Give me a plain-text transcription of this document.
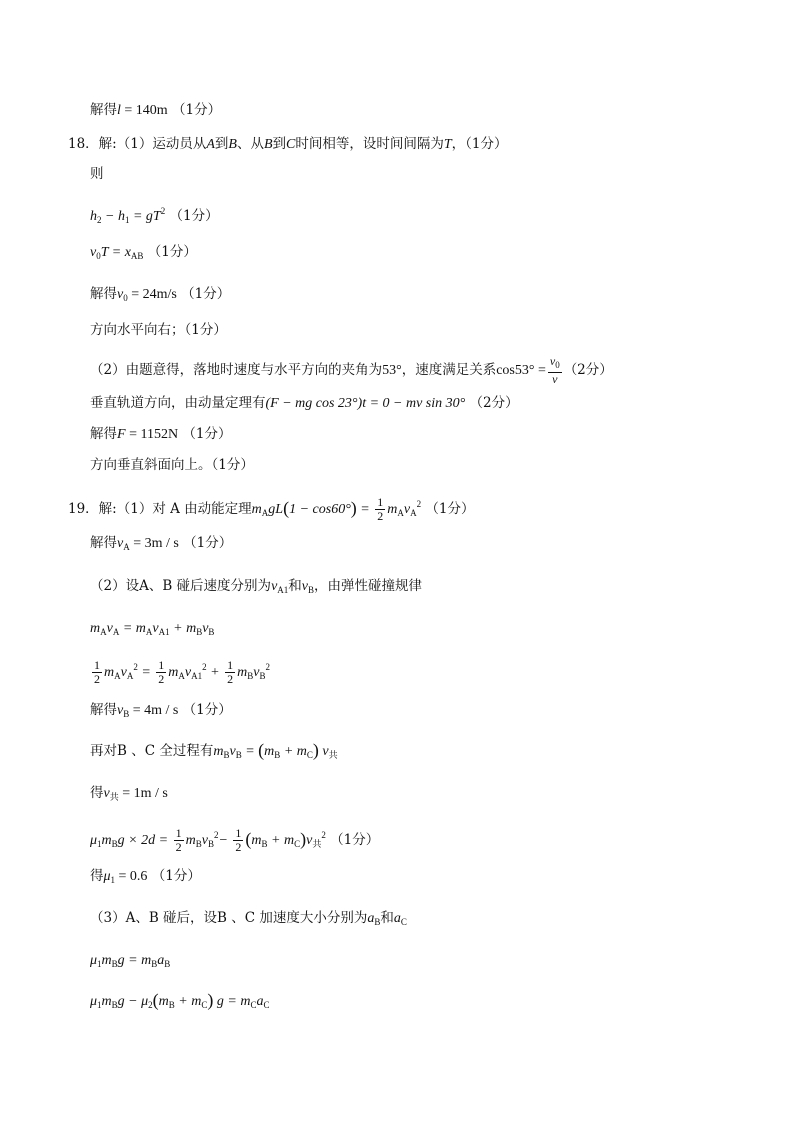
解得l = 140m （1分）
18．解:（1）运动员从A到B、从B到C时间相等，设时间间隔为T，（1分）
则
$h_2 - h_1 = gT^2$ （1分）
$v_0T = x_{AB}$ （1分）
解得$v_0 = 24m/s$ （1分）
方向水平向右；（1分）
（2）由题意得，落地时速度与水平方向的夹角为53°，速度满足关系$\cos 53^\circ = \frac{v_0}{v} (2$分）
垂直轨道方向，由动量定理有(F − mg cos 23°)t = 0 − mv sin 30° （2分）
解得F = 1152N （1分）
方向垂直斜面向上。（1分）
19．解:（1）对 A 由动能定理$m_AgL(1 - \cos 60^\circ) = \frac{1}{2} m_Av_A^2$ （1分）
解得$v_A = 3m / s$ （1分）
（2）设A、B 碰后速度分别为$v_{A1}$和$v_B$，由弹性碰撞规律
$m_Av_A = m_Av_{A1} + m_Bv_B$
$\frac{1}{2} m_Av_A^2 = \frac{1}{2} m_Av_{A1}^2 + \frac{1}{2} m_Bv_B^2$
解得$v_B = 4m / s$ （1分）
再对B 、C 全过程有$m_Bv_B = (m_B + m_C)$ $v_共$
得$v_共 = 1m / s$
$\mu_1m_Bg \times 2d = \frac{1}{2} m_Bv_B^2- \frac{1}{2} (m_B + m_C)v_共^2$ （1分）
得$\mu_1 = 0.6$ （1分）
（3）A、B 碰后，设B 、C 加速度大小分别为$a_B$和$a_C$
$\mu_1m_Bg = m_Ba_B$
$\mu_1m_Bg - \mu_2(m_B + m_C) g = m_Ca_C$
